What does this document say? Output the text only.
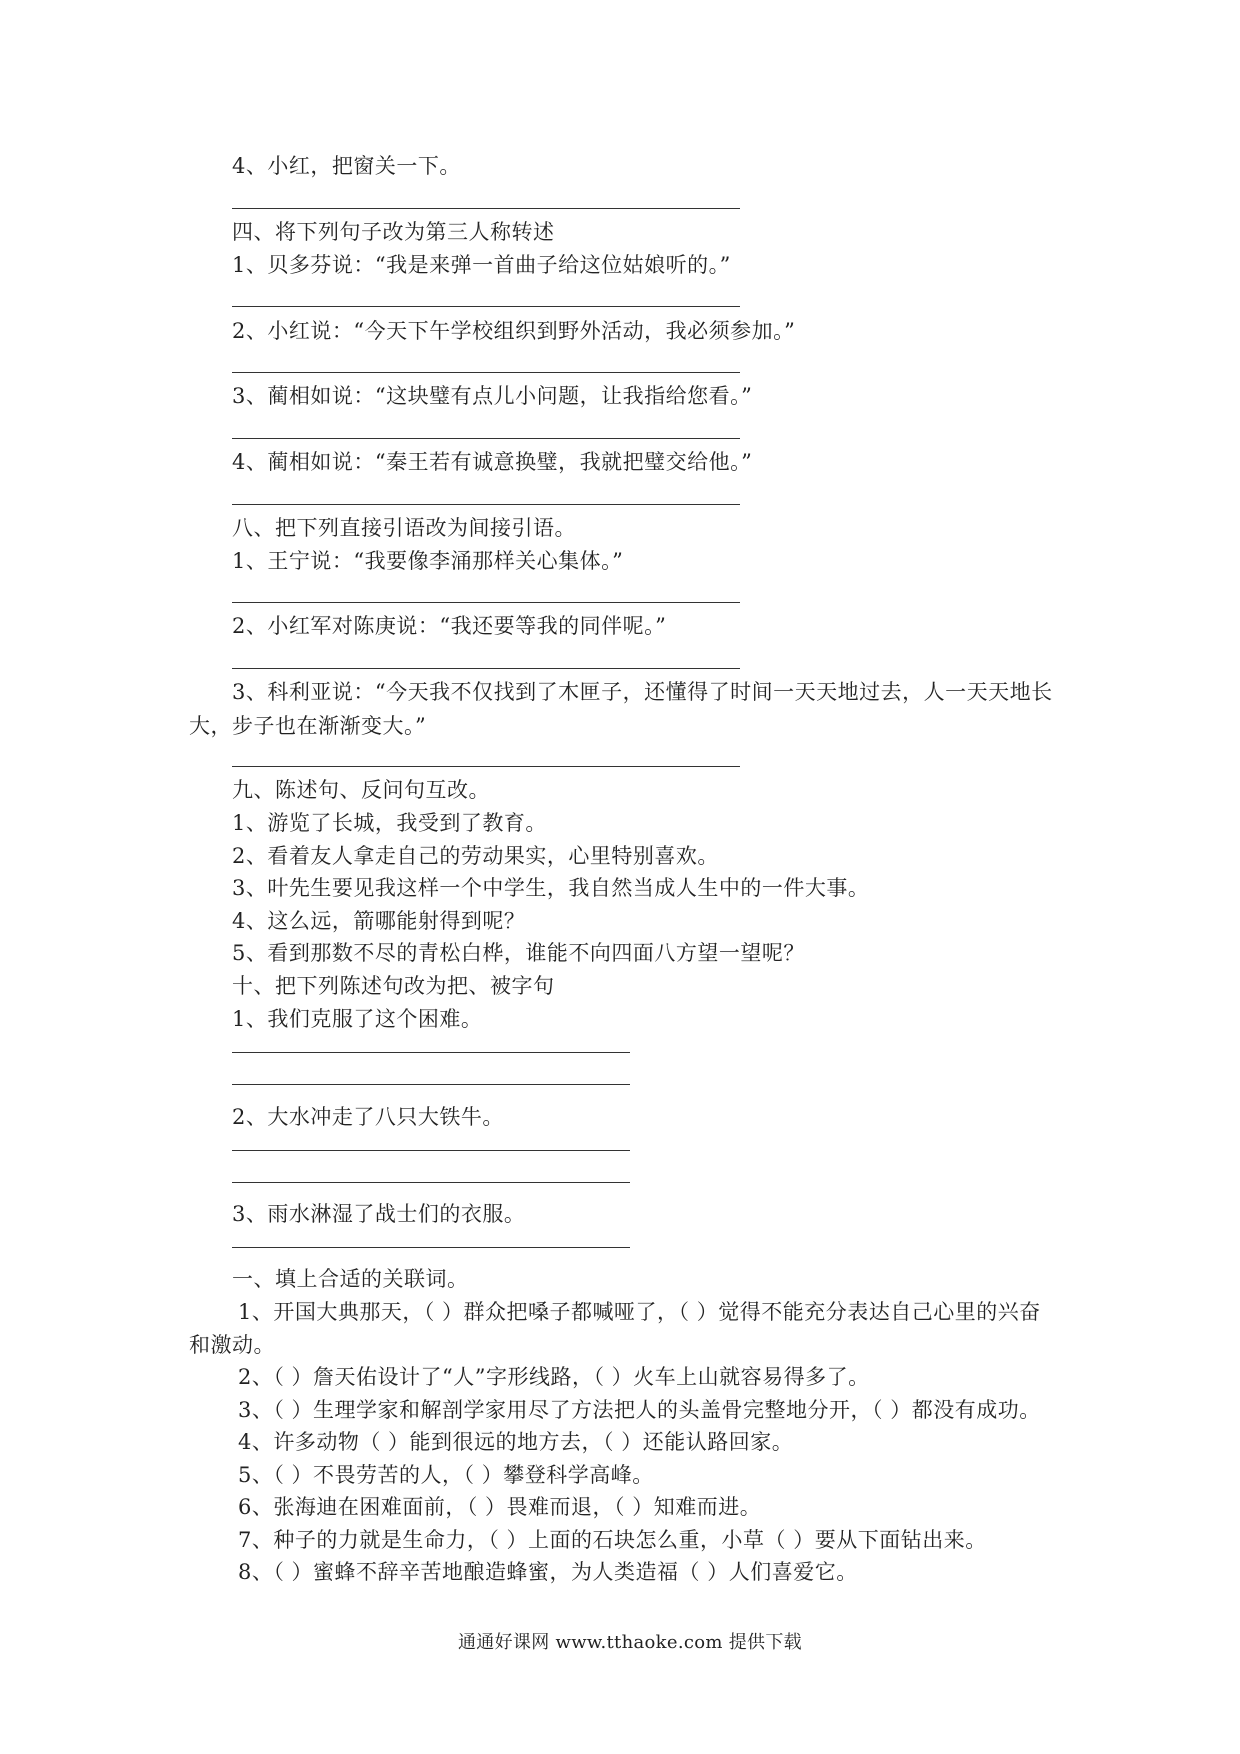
4、小红，把窗关一下。
四、将下列句子改为第三人称转述
1、贝多芬说：“我是来弹一首曲子给这位姑娘听的。”
2、小红说：“今天下午学校组织到野外活动，我必须参加。”
3、蔺相如说：“这块璧有点儿小问题，让我指给您看。”
4、蔺相如说：“秦王若有诚意换璧，我就把璧交给他。”
八、把下列直接引语改为间接引语。
1、王宁说：“我要像李涌那样关心集体。”
2、小红军对陈庚说：“我还要等我的同伴呢。”
3、科利亚说：“今天我不仅找到了木匣子，还懂得了时间一天天地过去，人一天天地长
大，步子也在渐渐变大。”
九、陈述句、反问句互改。
1、游览了长城，我受到了教育。
2、看着友人拿走自己的劳动果实，心里特别喜欢。
3、叶先生要见我这样一个中学生，我自然当成人生中的一件大事。
4、这么远，箭哪能射得到呢？
5、看到那数不尽的青松白桦，谁能不向四面八方望一望呢？
十、把下列陈述句改为把、被字句
1、我们克服了这个困难。
2、大水冲走了八只大铁牛。
3、雨水淋湿了战士们的衣服。
一、填上合适的关联词。
1、开国大典那天，（ ）群众把嗓子都喊哑了，（ ）觉得不能充分表达自己心里的兴奋
和激动。
2、（ ）詹天佑设计了“人”字形线路，（ ）火车上山就容易得多了。
3、（ ）生理学家和解剖学家用尽了方法把人的头盖骨完整地分开，（ ）都没有成功。
4、许多动物（ ）能到很远的地方去，（ ）还能认路回家。
5、（ ）不畏劳苦的人，（ ）攀登科学高峰。
6、张海迪在困难面前，（ ）畏难而退，（ ）知难而进。
7、种子的力就是生命力，（ ）上面的石块怎么重，小草（ ）要从下面钻出来。
8、（ ）蜜蜂不辞辛苦地酿造蜂蜜，为人类造福（ ）人们喜爱它。
通通好课网 www.tthaoke.com 提供下载
